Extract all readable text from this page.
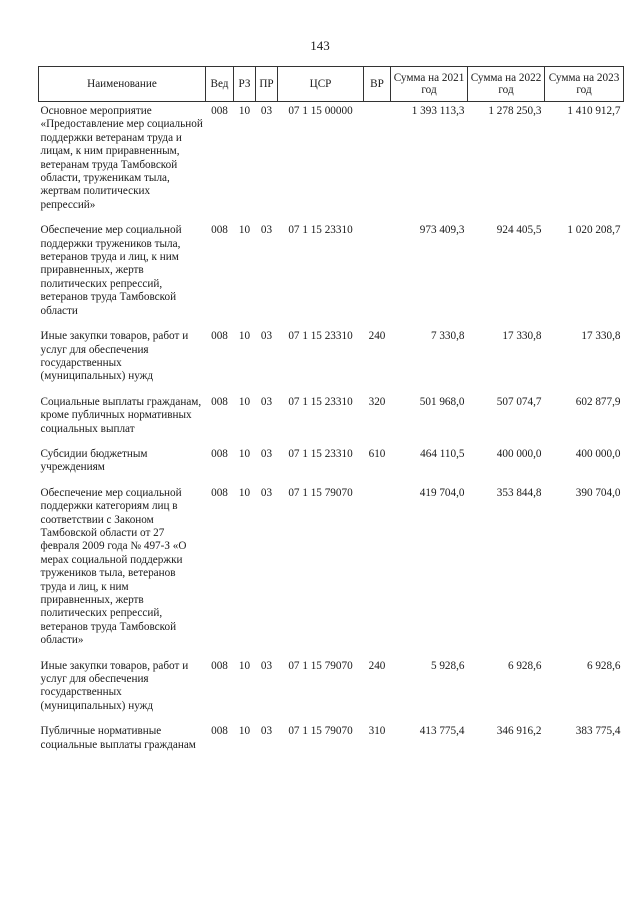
143
Наименование	Вед	РЗ	ПР	ЦСР	ВР	Сумма на 2021 год	Сумма на 2022 год	Сумма на 2023 год
Основное мероприятие «Предоставление мер социальной поддержки ветеранам труда и лицам, к ним приравненным, ветеранам труда Тамбовской области, труженикам тыла, жертвам политических репрессий»	008	10	03	07 1 15 00000		1 393 113,3	1 278 250,3	1 410 912,7
Обеспечение мер социальной поддержки тружеников тыла, ветеранов труда и лиц, к ним приравненных, жертв политических репрессий, ветеранов труда Тамбовской области	008	10	03	07 1 15 23310		973 409,3	924 405,5	1 020 208,7
Иные закупки товаров, работ и услуг для обеспечения государственных (муниципальных) нужд	008	10	03	07 1 15 23310	240	7 330,8	17 330,8	17 330,8
Социальные выплаты гражданам, кроме публичных нормативных социальных выплат	008	10	03	07 1 15 23310	320	501 968,0	507 074,7	602 877,9
Субсидии бюджетным учреждениям	008	10	03	07 1 15 23310	610	464 110,5	400 000,0	400 000,0
Обеспечение мер социальной поддержки категориям лиц в соответствии с Законом Тамбовской области от 27 февраля 2009 года № 497-З «О мерах социальной поддержки тружеников тыла, ветеранов труда и лиц, к ним приравненных, жертв политических репрессий, ветеранов труда Тамбовской области»	008	10	03	07 1 15 79070		419 704,0	353 844,8	390 704,0
Иные закупки товаров, работ и услуг для обеспечения государственных (муниципальных) нужд	008	10	03	07 1 15 79070	240	5 928,6	6 928,6	6 928,6
Публичные нормативные социальные выплаты гражданам	008	10	03	07 1 15 79070	310	413 775,4	346 916,2	383 775,4
